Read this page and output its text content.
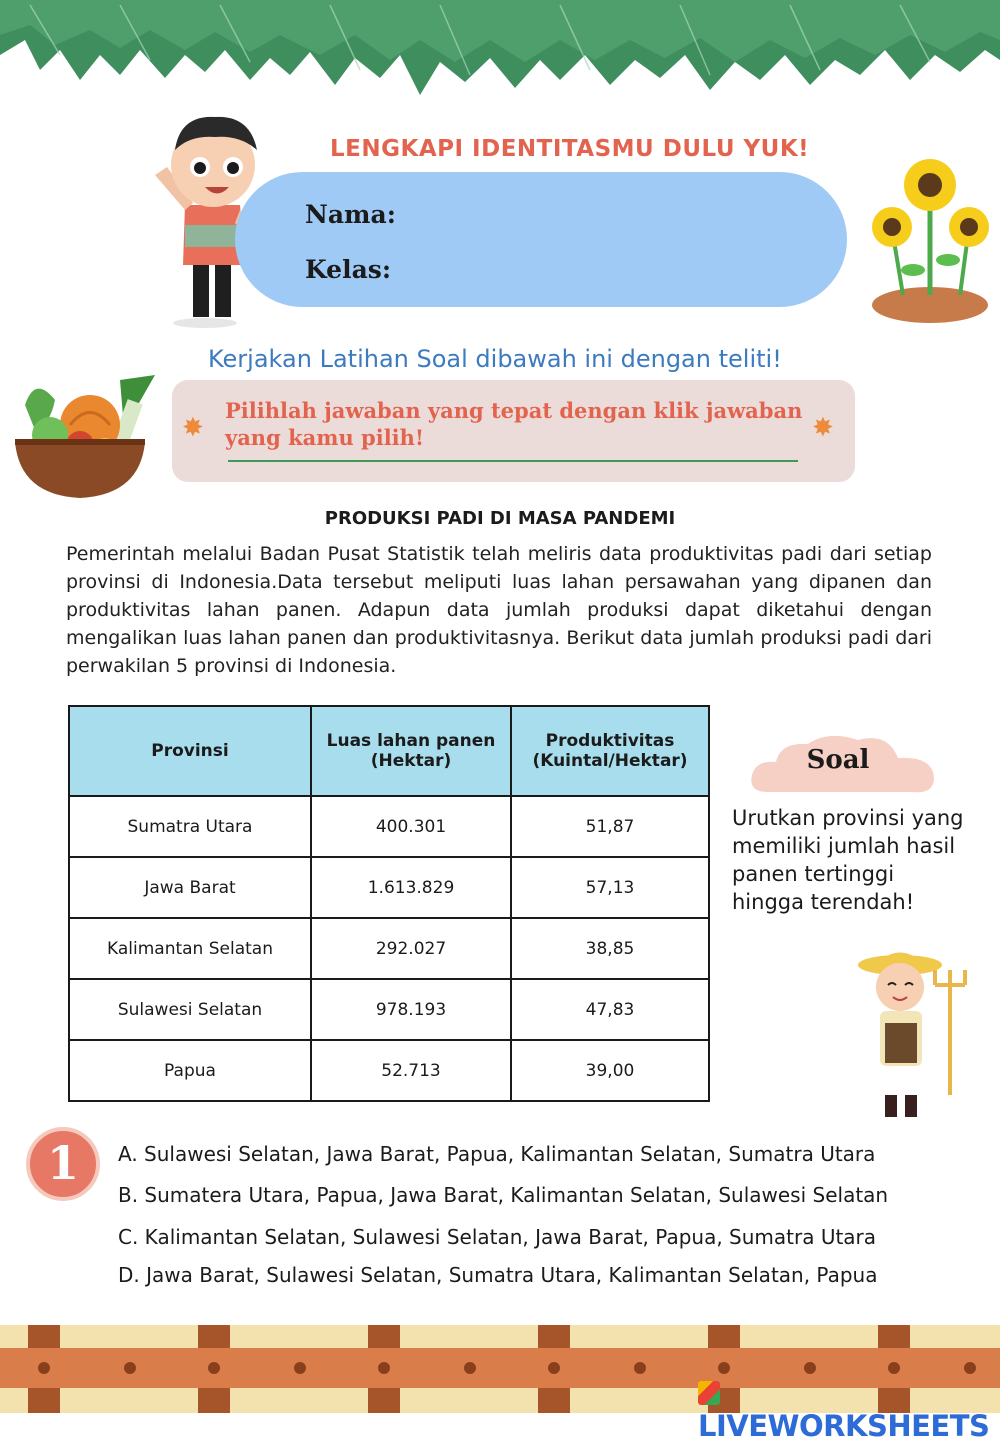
LENGKAPI IDENTITASMU DULU YUK!
Nama:
Kelas:
Kerjakan Latihan Soal dibawah ini dengan teliti!
✸	✸
Pilihlah jawaban yang tepat dengan klik jawaban yang kamu pilih!
PRODUKSI PADI DI MASA PANDEMI
Pemerintah melalui Badan Pusat Statistik telah meliris data produktivitas padi dari setiap provinsi di Indonesia.Data tersebut meliputi luas lahan persawahan yang dipanen dan produktivitas lahan panen. Adapun data jumlah produksi dapat diketahui dengan mengalikan luas lahan panen dan produktivitasnya. Berikut data jumlah produksi padi dari perwakilan 5 provinsi di Indonesia.
Provinsi	Luas lahan panen (Hektar)	Produktivitas (Kuintal/Hektar)
Sumatra Utara	400.301	51,87
Jawa Barat	1.613.829	57,13
Kalimantan Selatan	292.027	38,85
Sulawesi Selatan	978.193	47,83
Papua	52.713	39,00
Soal
Urutkan provinsi yang memiliki jumlah hasil panen tertinggi hingga terendah!
1	A. Sulawesi Selatan, Jawa Barat, Papua, Kalimantan Selatan, Sumatra Utara
B. Sumatera Utara, Papua, Jawa Barat, Kalimantan Selatan, Sulawesi Selatan
C. Kalimantan Selatan, Sulawesi Selatan, Jawa Barat, Papua, Sumatra Utara
D. Jawa Barat, Sulawesi Selatan, Sumatra Utara, Kalimantan Selatan, Papua
LIVEWORKSHEETS
